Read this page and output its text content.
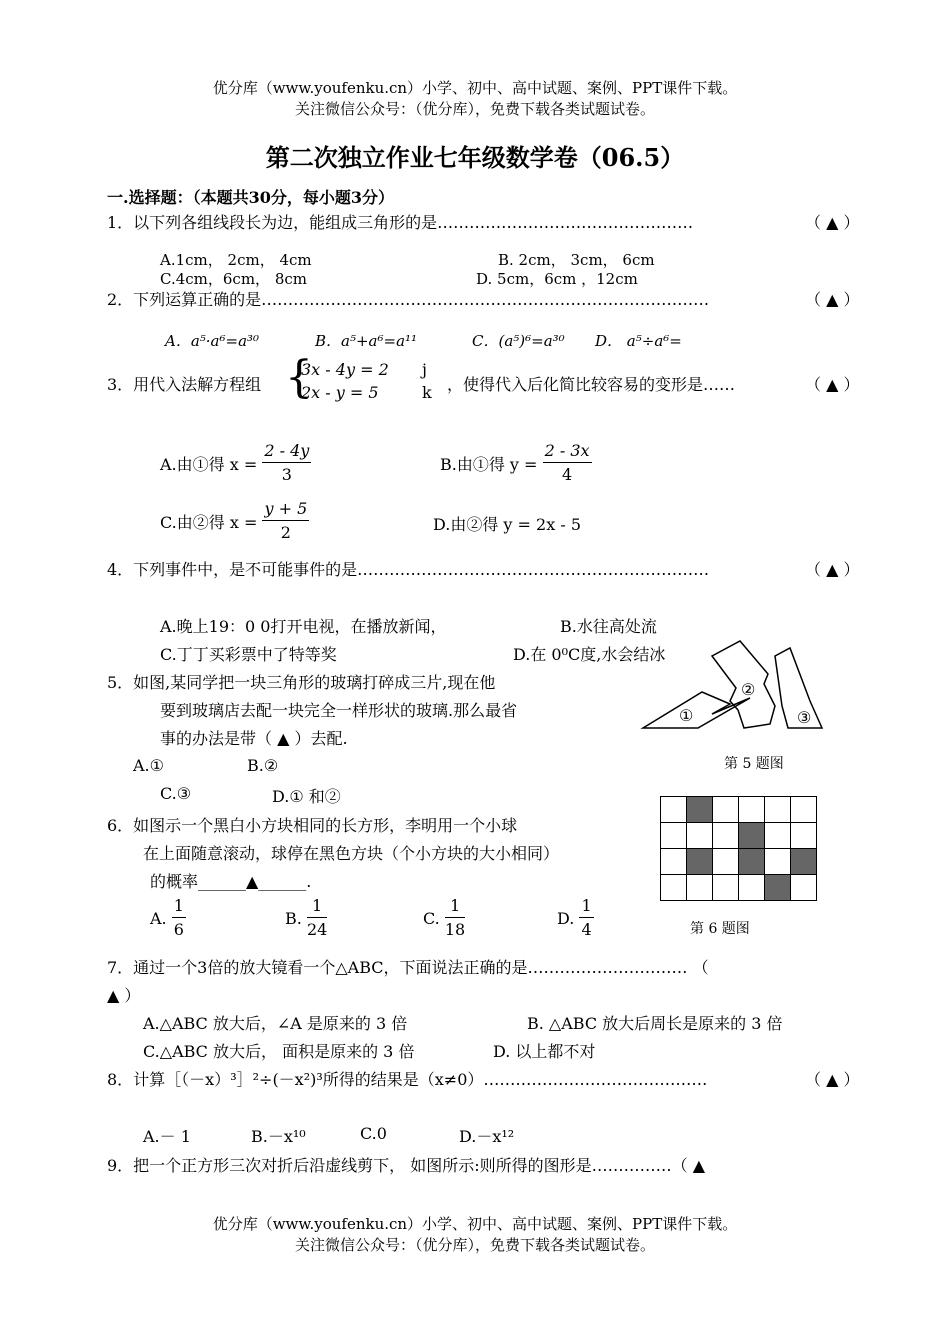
优分库（www.youfenku.cn）小学、初中、高中试题、案例、PPT课件下载。
关注微信公众号：（优分库），免费下载各类试题试卷。
第二次独立作业七年级数学卷（06.5）
一.选择题：（本题共30分，每小题3分）
1．以下列各组线段长为边，能组成三角形的是…………………………………………	（ ▲ ）
A.1cm， 2cm， 4cm	B. 2cm， 3cm， 6cm
C.4cm，6cm， 8cm	D. 5cm，6cm ，12cm
2．下列运算正确的是…………………………………………………………………………	（ ▲ ）
A．a⁵·a⁶=a³⁰	B．a⁵+a⁶=a¹¹	C．(a⁵)⁶=a³⁰ D． a⁵÷a⁶=
3．用代入法解方程组 {
3x - 4y = 2
2x - y = 5
j
k ，使得代入后化简比较容易的变形是……	（ ▲ ）
A.由①得 $x = \frac{2 - 4y}{3}$	B.由①得 $y = \frac{2 - 3x}{4}$
C.由②得 $x = \frac{y + 5}{2}$	D.由②得 y = 2x - 5
4．下列事件中，是不可能事件的是…………………………………………………………	（ ▲ ）
A.晚上19：0 0打开电视，在播放新闻，	B.水往高处流
C.丁丁买彩票中了特等奖	D.在 0⁰C度,水会结冰
5．如图,某同学把一块三角形的玻璃打碎成三片,现在他
要到玻璃店去配一块完全一样形状的玻璃.那么最省
事的办法是带（ ▲ ）去配.
A.①	B.②
C.③	D.① 和②
①
②
③
第 5 题图
6．如图示一个黑白小方块相同的长方形，李明用一个小球
在上面随意滚动，球停在黑色方块（个小方块的大小相同）
的概率______▲______.
A. $\frac{1}{6}$	B. $\frac{1}{24}$	C. $\frac{1}{18}$	D. $\frac{1}{4}$

						第 6 题图
7．通过一个3倍的放大镜看一个△ABC，下面说法正确的是………………………… （
▲ ）
A.△ABC 放大后，∠A 是原来的 3 倍	B. △ABC 放大后周长是原来的 3 倍
C.△ABC 放大后， 面积是原来的 3 倍	D. 以上都不对
8．计算［（－x）³］²÷(－x²)³所得的结果是（x≠0）……………………………………	（ ▲ ）
A.－ 1	B.－x¹⁰	C.0	D.－x¹²
9．把一个正方形三次对折后沿虚线剪下， 如图所示:则所得的图形是……………（ ▲
优分库（www.youfenku.cn）小学、初中、高中试题、案例、PPT课件下载。
关注微信公众号：（优分库），免费下载各类试题试卷。
